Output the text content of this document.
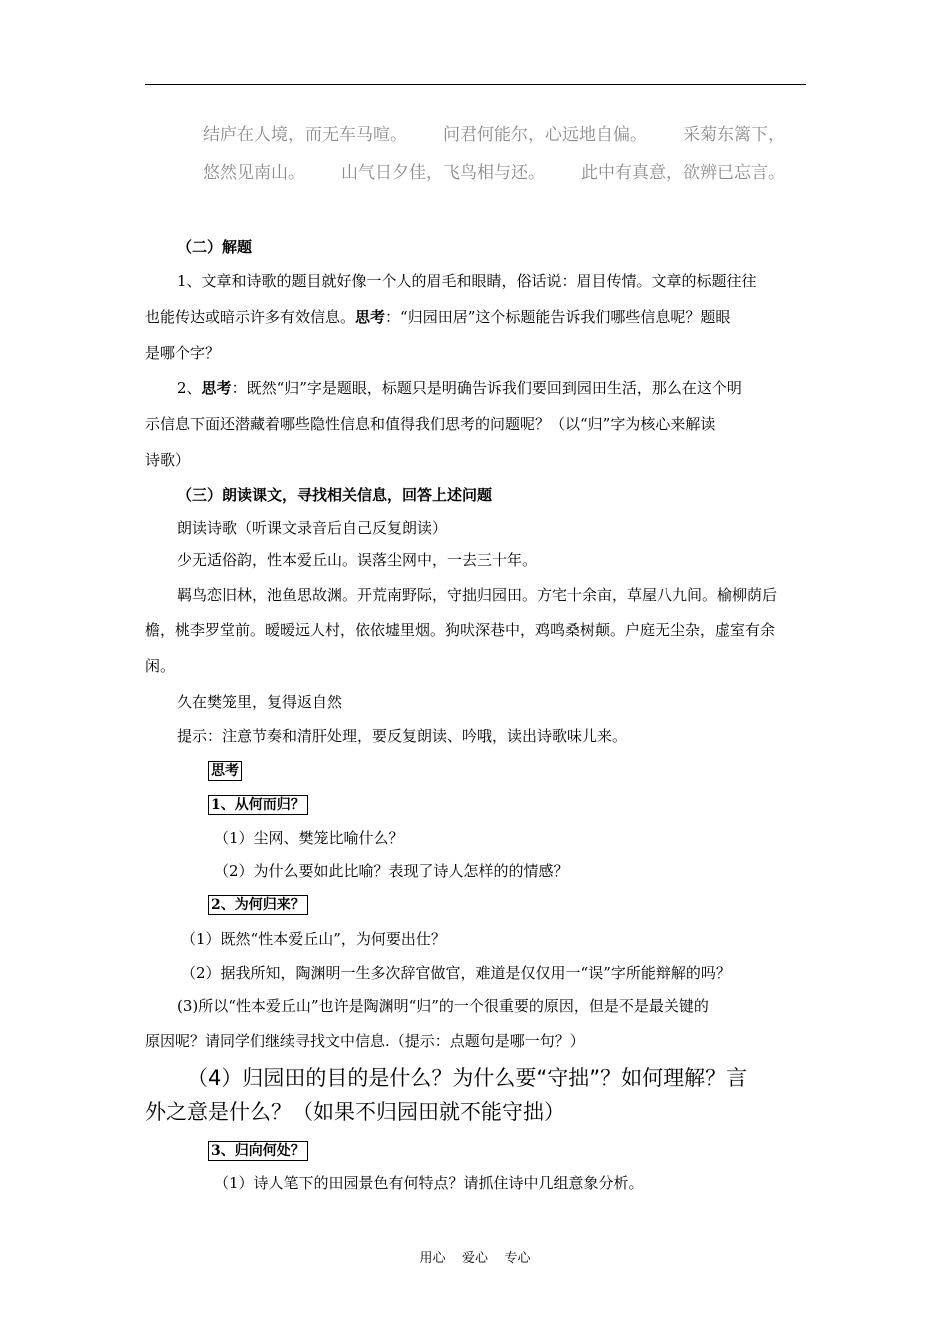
结庐在人境，而无车马喧。 问君何能尔，心远地自偏。 采菊东篱下，
悠然见南山。 山气日夕佳，飞鸟相与还。 此中有真意，欲辨已忘言。
（二）解题
1、文章和诗歌的题目就好像一个人的眉毛和眼睛，俗话说：眉目传情。文章的标题往往
也能传达或暗示许多有效信息。思考：“归园田居”这个标题能告诉我们哪些信息呢？题眼
是哪个字？
2、思考：既然“归”字是题眼，标题只是明确告诉我们要回到园田生活，那么在这个明
示信息下面还潜藏着哪些隐性信息和值得我们思考的问题呢？（以“归”字为核心来解读
诗歌）
（三）朗读课文，寻找相关信息，回答上述问题
朗读诗歌（听课文录音后自己反复朗读）
少无适俗韵，性本爱丘山。误落尘网中，一去三十年。
羁鸟恋旧林，池鱼思故渊。开荒南野际，守拙归园田。方宅十余亩，草屋八九间。榆柳荫后
檐，桃李罗堂前。暧暧远人村，依依墟里烟。狗吠深巷中，鸡鸣桑树颠。户庭无尘杂，虚室有余
闲。
久在樊笼里，复得返自然
提示：注意节奏和清肝处理，要反复朗读、吟哦，读出诗歌味儿来。
思考
1、从何而归？
（1）尘网、樊笼比喻什么？
（2）为什么要如此比喻？表现了诗人怎样的的情感？
2、为何归来？
（1）既然“性本爱丘山”，为何要出仕？
（2）据我所知，陶渊明一生多次辞官做官，难道是仅仅用一“误”字所能辩解的吗？
(3)所以“性本爱丘山”也许是陶渊明“归”的一个很重要的原因，但是不是最关键的
原因呢？请同学们继续寻找文中信息.（提示：点题句是哪一句？）
（4）归园田的目的是什么？为什么要“守拙”？如何理解？言
外之意是什么？（如果不归园田就不能守拙）
3、归向何处？
（1）诗人笔下的田园景色有何特点？请抓住诗中几组意象分析。
用心    爱心    专心
